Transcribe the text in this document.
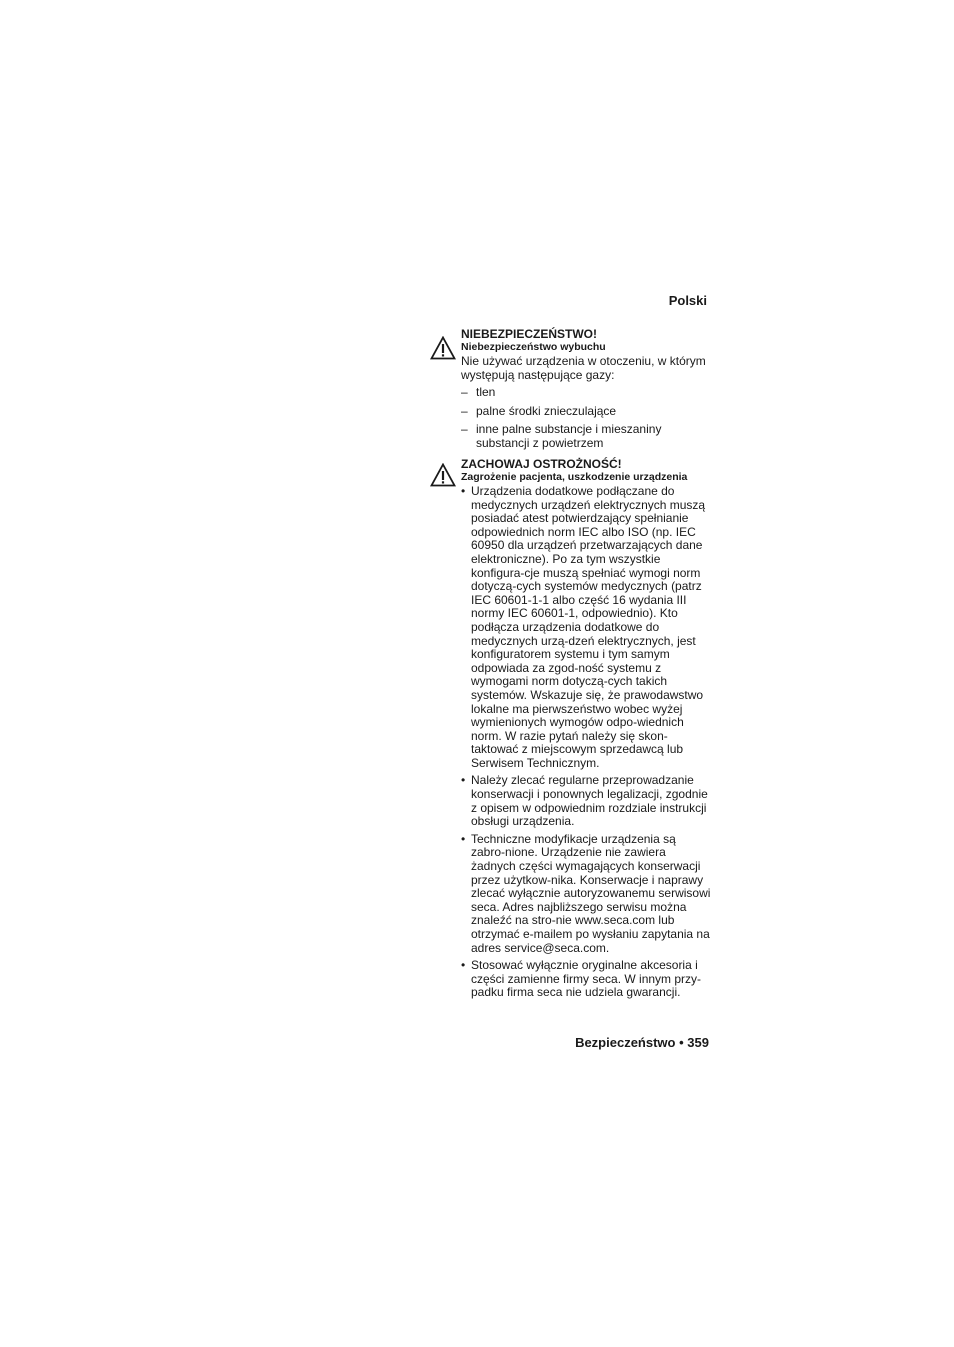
Polski

NIEBEZPIECZEŃSTWO!

Niebezpieczeństwo wybuchu

Nie używać urządzenia w otoczeniu, w którym występują następujące gazy:

– tlen
– palne środki znieczulające
– inne palne substancje i mieszaniny substancji z powietrzem

ZACHOWAJ OSTROŻNOŚĆ!

Zagrożenie pacjenta, uszkodzenie urządzenia

• Urządzenia dodatkowe podłączane do medycznych urządzeń elektrycznych muszą posiadać atest potwierdzający spełnianie odpowiednich norm IEC albo ISO (np. IEC 60950 dla urządzeń przetwarzających dane elektroniczne). Po za tym wszystkie konfigura-cje muszą spełniać wymogi norm dotyczą-cych systemów medycznych (patrz IEC 60601-1-1 albo część 16 wydania III normy IEC 60601-1, odpowiednio). Kto podłącza urządzenia dodatkowe do medycznych urzą-dzeń elektrycznych, jest konfiguratorem systemu i tym samym odpowiada za zgod-ność systemu z wymogami norm dotyczą-cych takich systemów. Wskazuje się, że prawodawstwo lokalne ma pierwszeństwo wobec wyżej wymienionych wymogów odpo-wiednich norm. W razie pytań należy się skon-taktować z miejscowym sprzedawcą lub Serwisem Technicznym.
• Należy zlecać regularne przeprowadzanie konserwacji i ponownych legalizacji, zgodnie z opisem w odpowiednim rozdziale instrukcji obsługi urządzenia.
• Techniczne modyfikacje urządzenia są zabro-nione. Urządzenie nie zawiera żadnych części wymagających konserwacji przez użytkow-nika. Konserwacje i naprawy zlecać wyłącznie autoryzowanemu serwisowi seca. Adres najbliższego serwisu można znaleźć na stro-nie www.seca.com lub otrzymać e-mailem po wysłaniu zapytania na adres service@seca.com.
• Stosować wyłącznie oryginalne akcesoria i części zamienne firmy seca. W innym przy-padku firma seca nie udziela gwarancji.
Bezpieczeństwo • 359
